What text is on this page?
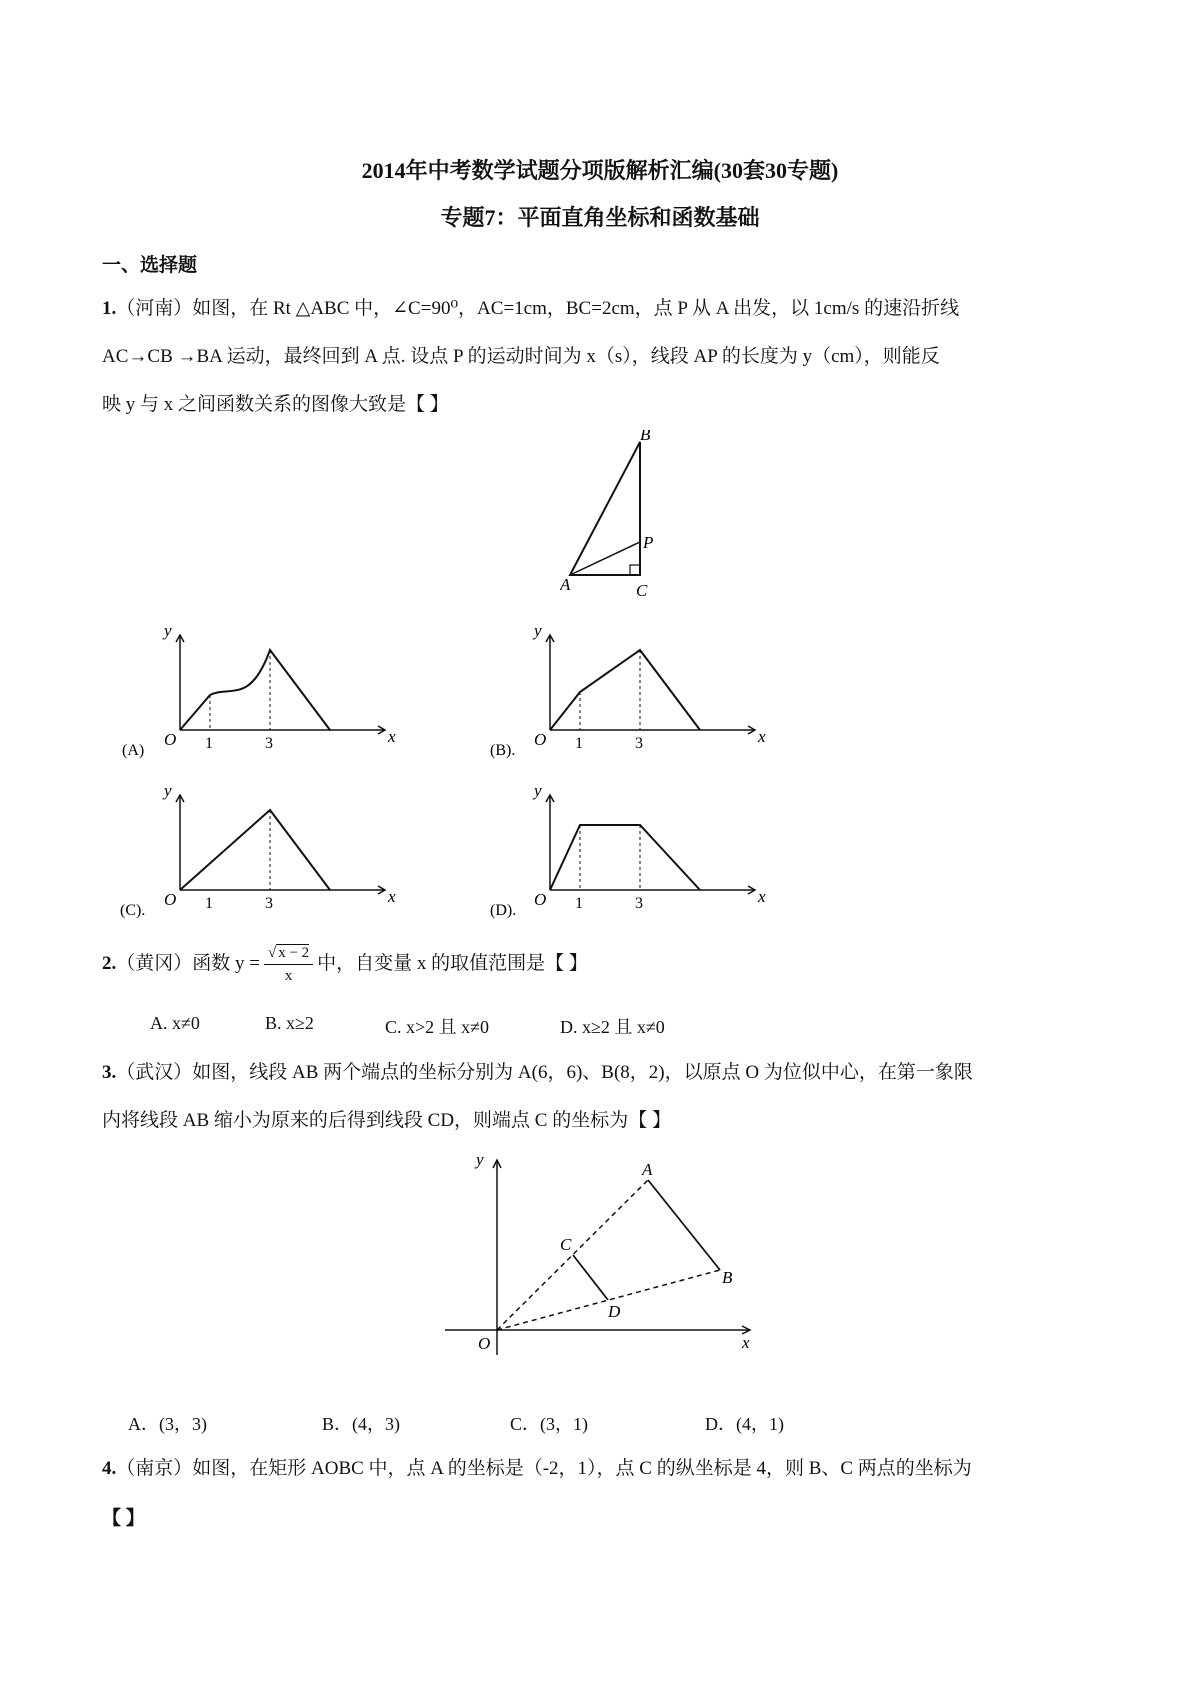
2014年中考数学试题分项版解析汇编(30套30专题)
专题7：平面直角坐标和函数基础
一、选择题
1.（河南）如图，在 Rt △ABC 中，∠C=90⁰，AC=1cm，BC=2cm，点 P 从 A 出发，以 1cm/s 的速沿折线
AC→CB →BA 运动，最终回到 A 点. 设点 P 的运动时间为 x（s），线段 AP 的长度为 y（cm），则能反
映 y 与 x 之间函数关系的图像大致是【 】
B
P
A	C
y
x
O 1	3
(A)
y
x
O 1	3
(B).
y
x
O 1	3
(C).
y
x
O 1	3
(D).
2.（黄冈）函数 $y = \frac{√ x - 2}{x}$ 中，自变量 x 的取值范围是【 】
A. x≠0	B. x≥2	C. x>2 且 x≠0	D. x≥2 且 x≠0
3.（武汉）如图，线段 AB 两个端点的坐标分别为 A(6，6)、B(8，2)，以原点 O 为位似中心，在第一象限
内将线段 AB 缩小为原来的后得到线段 CD，则端点 C 的坐标为【 】
y
x
O
A
B
C
D
A．(3，3)	B．(4，3)	C．(3，1)	D．(4，1)
4.（南京）如图，在矩形 AOBC 中，点 A 的坐标是（-2，1），点 C 的纵坐标是 4，则 B、C 两点的坐标为
【 】
